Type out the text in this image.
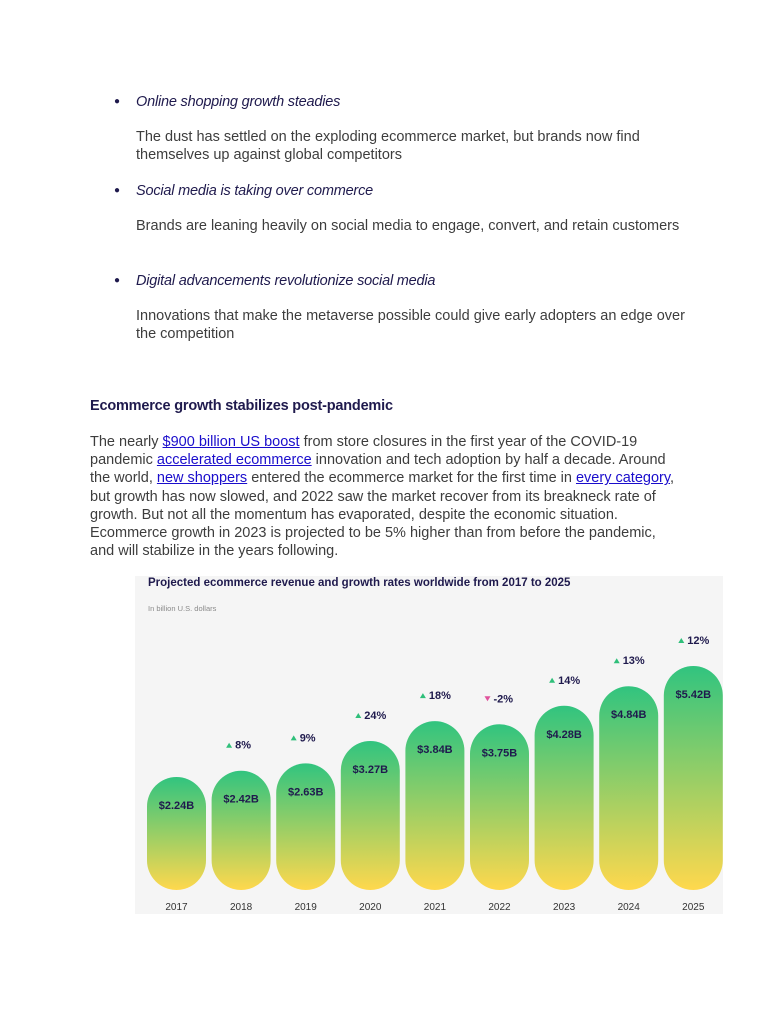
● Online shopping growth steadies
The dust has settled on the exploding ecommerce market, but brands now find themselves up against global competitors
● Social media is taking over commerce
Brands are leaning heavily on social media to engage, convert, and retain customers
● Digital advancements revolutionize social media
Innovations that make the metaverse possible could give early adopters an edge over the competition
Ecommerce growth stabilizes post-pandemic

The nearly $900 billion US boost from store closures in the first year of the COVID-19 pandemic accelerated ecommerce innovation and tech adoption by half a decade. Around the world, new shoppers entered the ecommerce market for the first time in every category, but growth has now slowed, and 2022 saw the market recover from its breakneck rate of growth. But not all the momentum has evaporated, despite the economic situation. Ecommerce growth in 2023 is projected to be 5% higher than from before the pandemic, and will stabilize in the years following.

Projected ecommerce revenue and growth rates worldwide from 2017 to 2025
In billion U.S. dollars
$2.24B
2017
$2.42B
2018
8%
$2.63B
2019
9%
$3.27B
2020
24%
$3.84B
2021
18%
$3.75B
2022
-2%
$4.28B
2023
14%
$4.84B
2024
13%
$5.42B
2025
12%
